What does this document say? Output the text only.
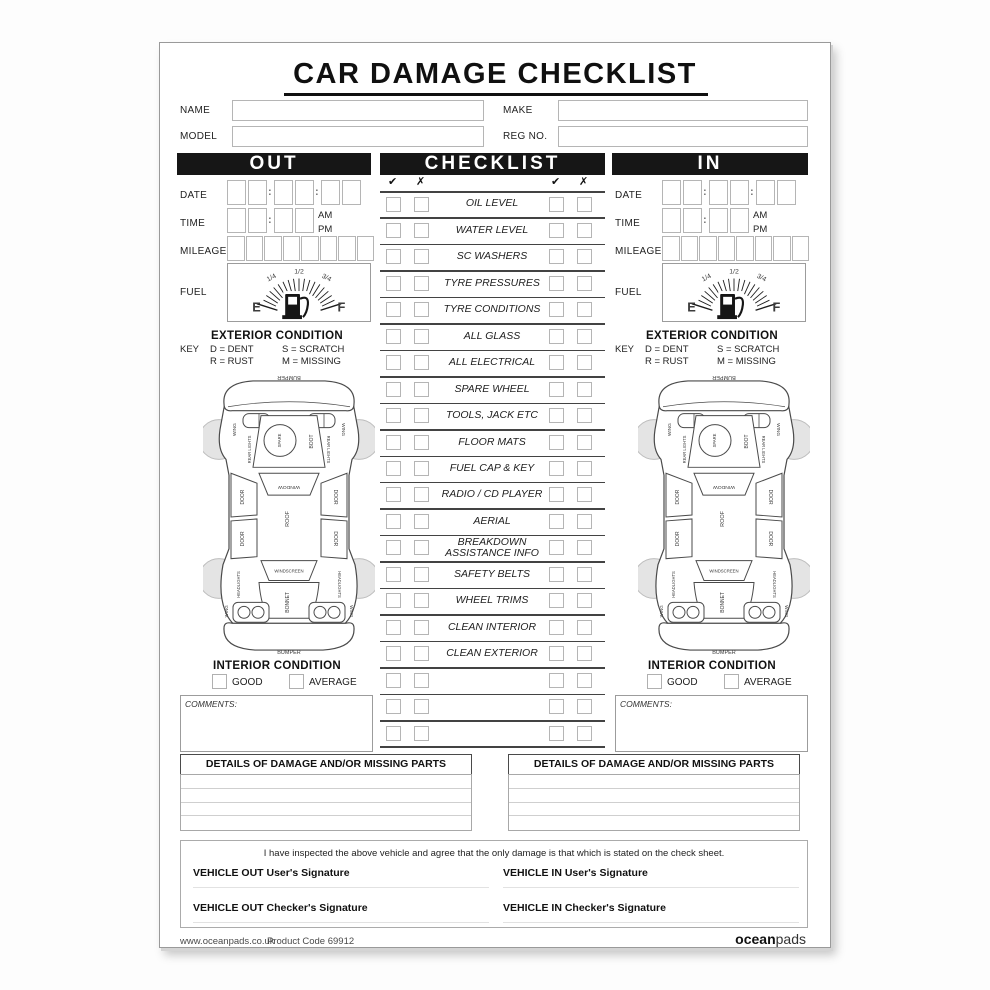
CAR DAMAGE CHECKLIST
NAME	MAKE
MODEL	REG NO.
OUT	CHECKLIST	IN
DATE	:	:
TIME	:	AM
PM
MILEAGE
FUEL
E	F
1/4
1/2
3/4
EXTERIOR CONDITION
KEY D = DENT	S = SCRATCH
R = RUST	M = MISSING
BUMPER
WING	WING
REAR LIGHTS	REAR LIGHTS
SPARE	BOOT
WINDOW
ROOF
DOOR
DOOR
DOOR
DOOR
WINDSCREEN
BONNET
HEADLIGHTS	HEADLIGHTS
WING	WING
BUMPER
INTERIOR CONDITION
GOOD	AVERAGE
COMMENTS:
✔ ✗	✔ ✗
OIL LEVEL
WATER LEVEL
SC WASHERS
TYRE PRESSURES
TYRE CONDITIONS
ALL GLASS
ALL ELECTRICAL
SPARE WHEEL
TOOLS, JACK ETC
FLOOR MATS
FUEL CAP & KEY
RADIO / CD PLAYER
AERIAL
BREAKDOWN ASSISTANCE INFO
SAFETY BELTS
WHEEL TRIMS
CLEAN INTERIOR
CLEAN EXTERIOR
DATE	:	:
TIME	:	AM
PM
MILEAGE
FUEL
E	F
1/4
1/2
3/4
EXTERIOR CONDITION
KEY D = DENT	S = SCRATCH
R = RUST	M = MISSING
BUMPER
WING	WING
REAR LIGHTS	REAR LIGHTS
SPARE	BOOT
WINDOW
ROOF
DOOR
DOOR
DOOR
DOOR
WINDSCREEN
BONNET
HEADLIGHTS	HEADLIGHTS
WING	WING
BUMPER
INTERIOR CONDITION
GOOD	AVERAGE
COMMENTS:
DETAILS OF DAMAGE AND/OR MISSING PARTS	DETAILS OF DAMAGE AND/OR MISSING PARTS
I have inspected the above vehicle and agree that the only damage is that which is stated on the check sheet.
VEHICLE OUT User's Signature	VEHICLE IN User's Signature
VEHICLE OUT Checker's Signature	VEHICLE IN Checker's Signature
www.oceanpads.co.uk
Product Code 69912	oceanpads
